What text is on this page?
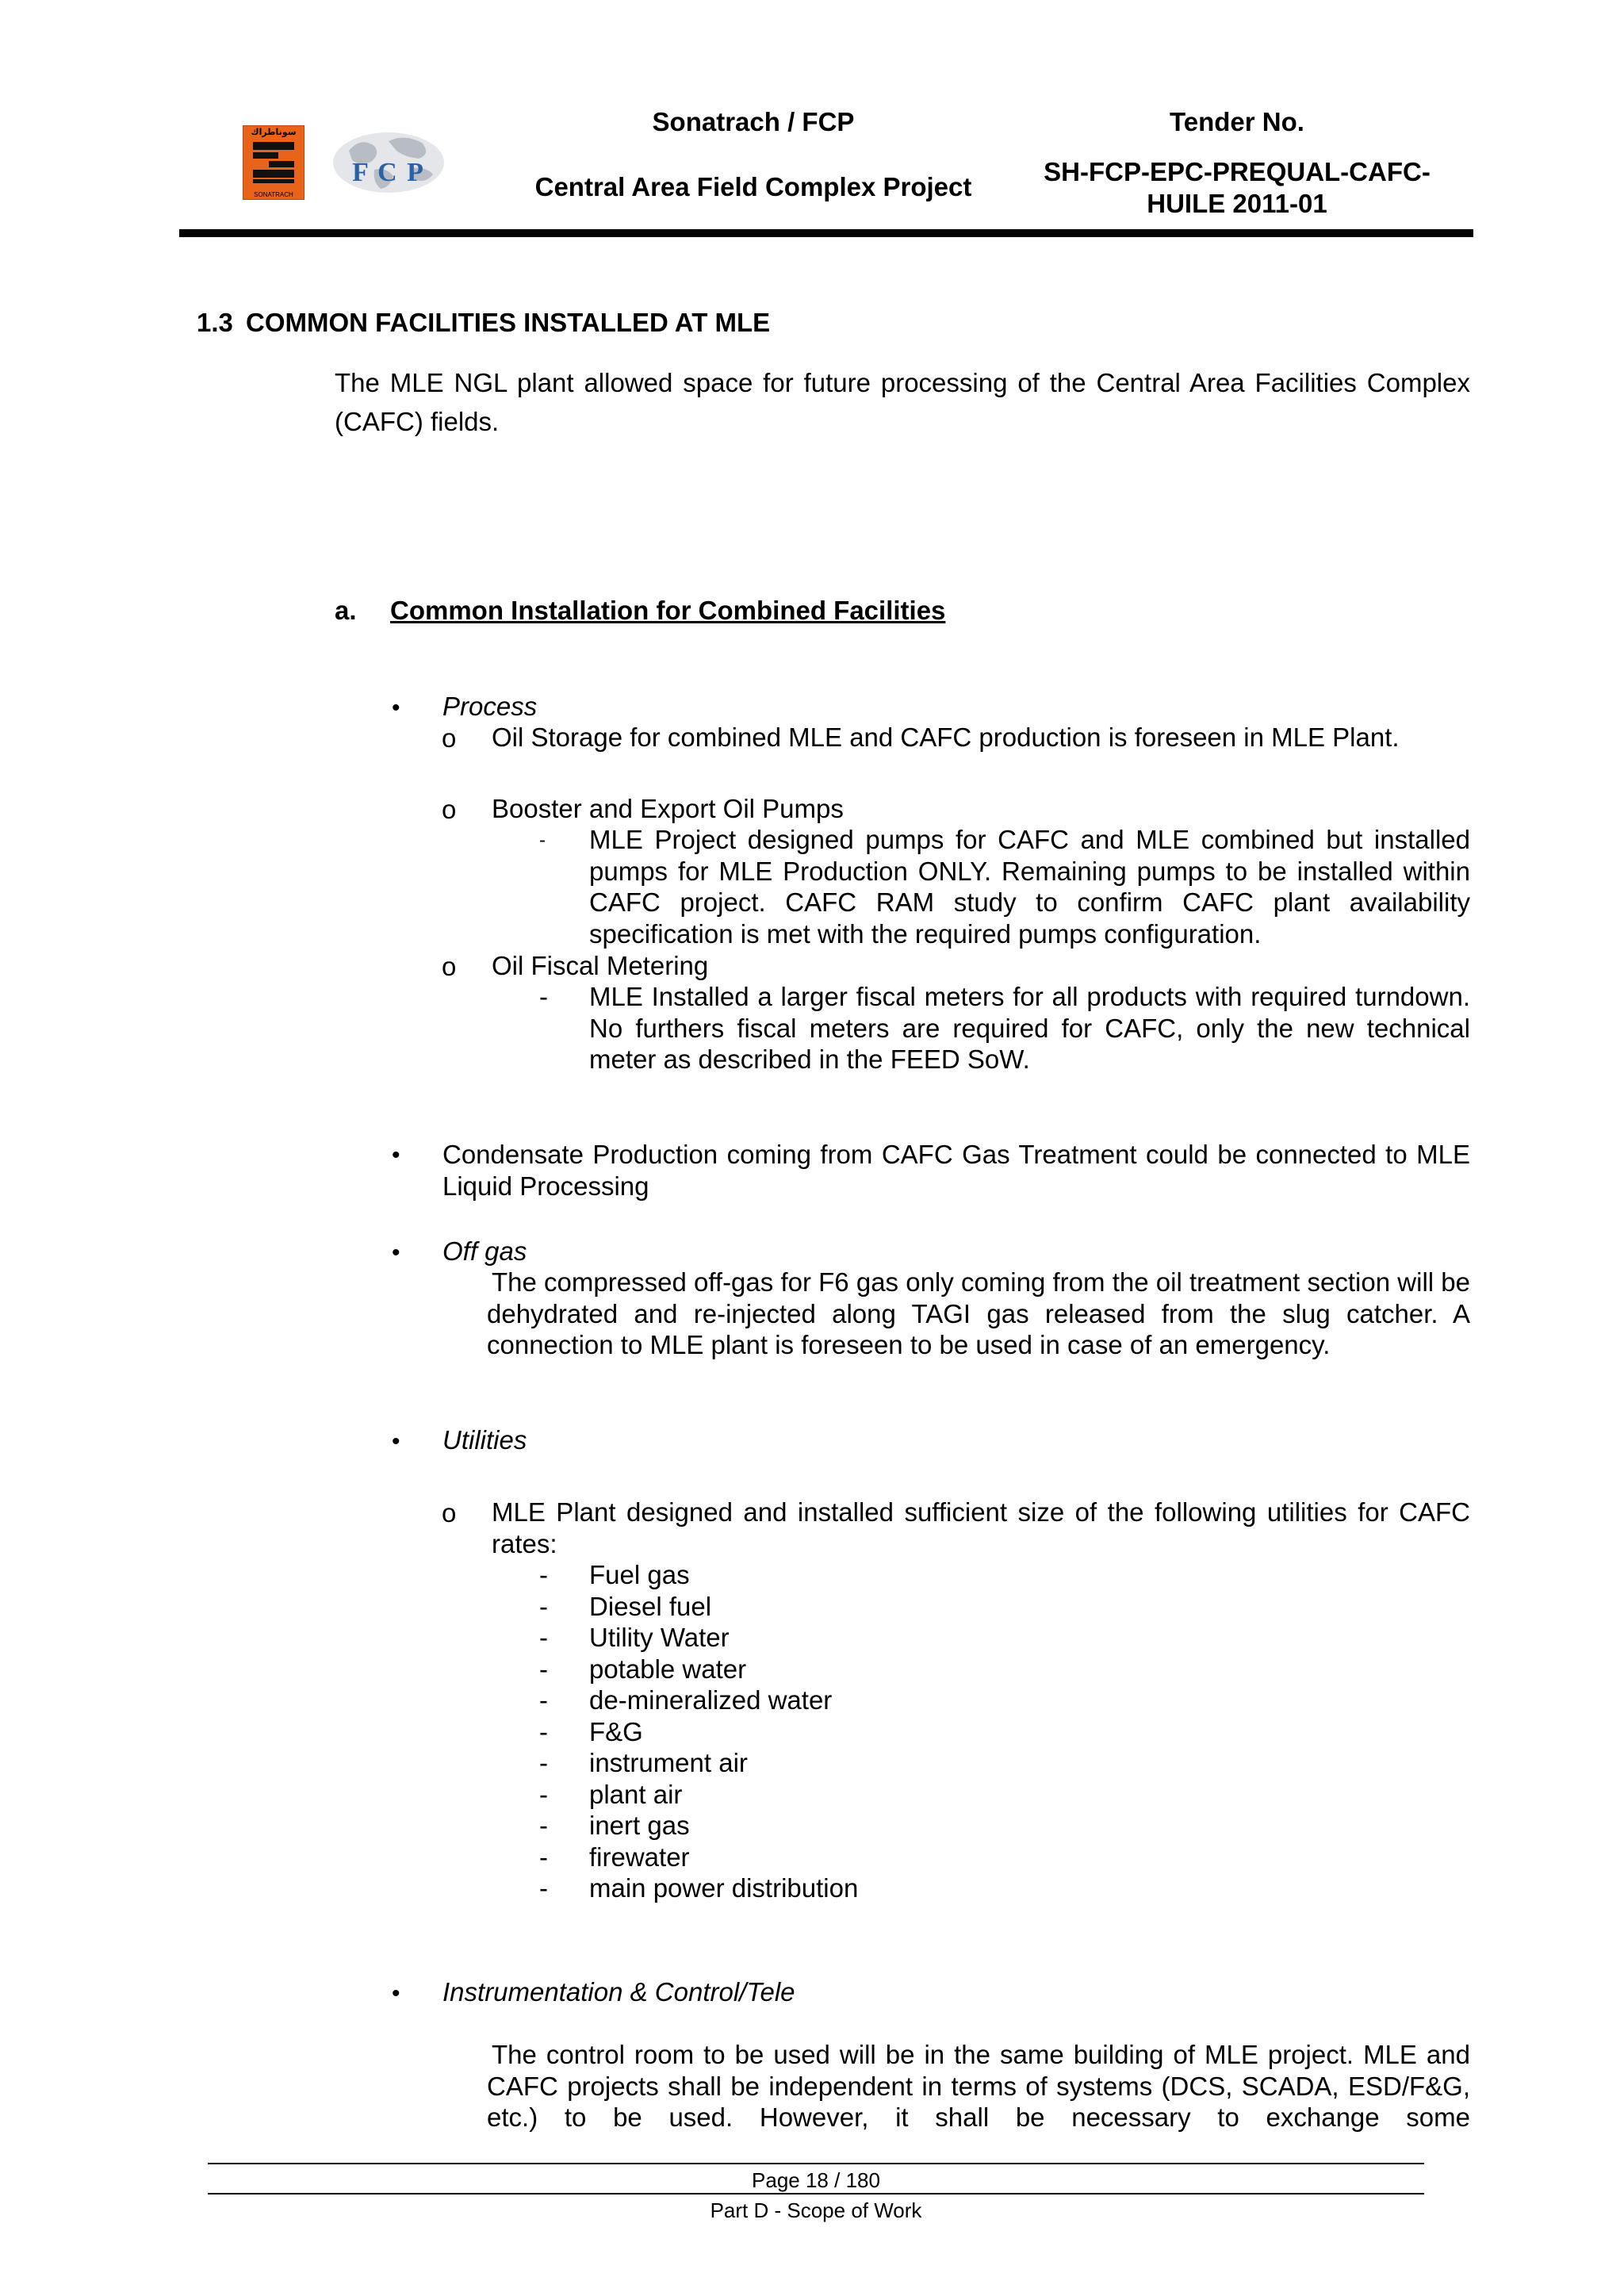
سوناطراك
SONATRACH
F C P
Sonatrach / FCP
Central Area Field Complex Project
Tender No.
SH-FCP-EPC-PREQUAL-CAFC-
HUILE 2011-01
1.3 COMMON FACILITIES INSTALLED AT MLE
The MLE NGL plant allowed space for future processing of the Central Area Facilities Complex (CAFC) fields.
a. Common Installation for Combined Facilities
• Process
o Oil Storage for combined MLE and CAFC production is foreseen in MLE Plant.
o Booster and Export Oil Pumps
- MLE Project designed pumps for CAFC and MLE combined but installed pumps for MLE Production ONLY. Remaining pumps to be installed within CAFC project. CAFC RAM study to confirm CAFC plant availability specification is met with the required pumps configuration.
o Oil Fiscal Metering
- MLE Installed a larger fiscal meters for all products with required turndown. No furthers fiscal meters are required for CAFC, only the new technical meter as described in the FEED SoW.
• Condensate Production coming from CAFC Gas Treatment could be connected to MLE Liquid Processing
• Off gas
The compressed off-gas for F6 gas only coming from the oil treatment section will be dehydrated and re-injected along TAGI gas released from the slug catcher. A connection to MLE plant is foreseen to be used in case of an emergency.
• Utilities
o MLE Plant designed and installed sufficient size of the following utilities for CAFC rates:
-	Fuel gas
-	Diesel fuel
-	Utility Water
-	potable water
-	de-mineralized water
-	F&G
-	instrument air
-	plant air
-	inert gas
-	firewater
-	main power distribution
• Instrumentation & Control/Tele
The control room to be used will be in the same building of MLE project. MLE and CAFC projects shall be independent in terms of systems (DCS, SCADA, ESD/F&G, etc.) to be used. However, it shall be necessary to exchange some
Page 18 / 180
Part D - Scope of Work
